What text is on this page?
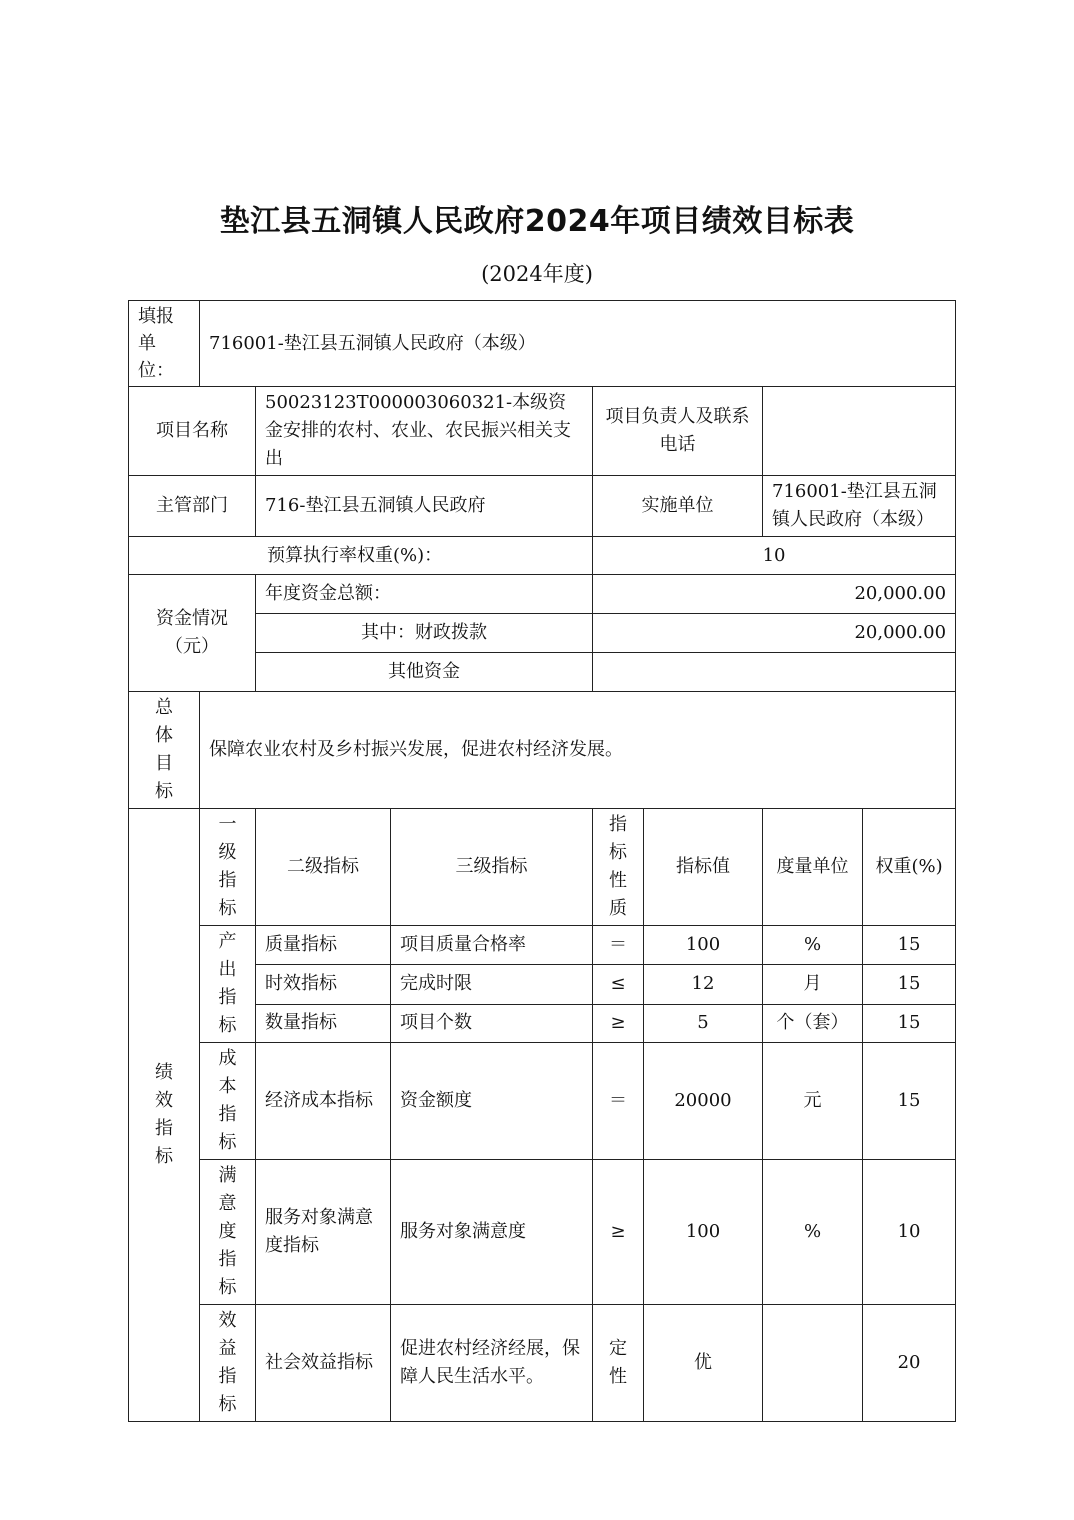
垫江县五洞镇人民政府2024年项目绩效目标表

(2024年度)

填报单位：	716001-垫江县五洞镇人民政府（本级）						
项目名称		50023123T000003060321-本级资金安排的农村、农业、农民振兴相关支出		项目负责人及联系电话			
主管部门		716-垫江县五洞镇人民政府		实施单位		716001-垫江县五洞镇人民政府（本级）	
预算执行率权重(%)：				10			
资金情况（元）		年度资金总额：		20,000.00			
		其中：财政拨款		20,000.00			
		其他资金					
总体目标	保障农业农村及乡村振兴发展，促进农村经济发展。						
绩效指标	一级指标	二级指标	三级指标	指标性质	指标值	度量单位	权重(%)
	产出指标	质量指标	项目质量合格率	＝	100	%	15
		时效指标	完成时限	≤	12	月	15
		数量指标	项目个数	≥	5	个（套）	15
	成本指标	经济成本指标	资金额度	＝	20000	元	15
	满意度指标	服务对象满意度指标	服务对象满意度	≥	100	%	10
	效益指标	社会效益指标	促进农村经济经展，保障人民生活水平。	定性	优		20
